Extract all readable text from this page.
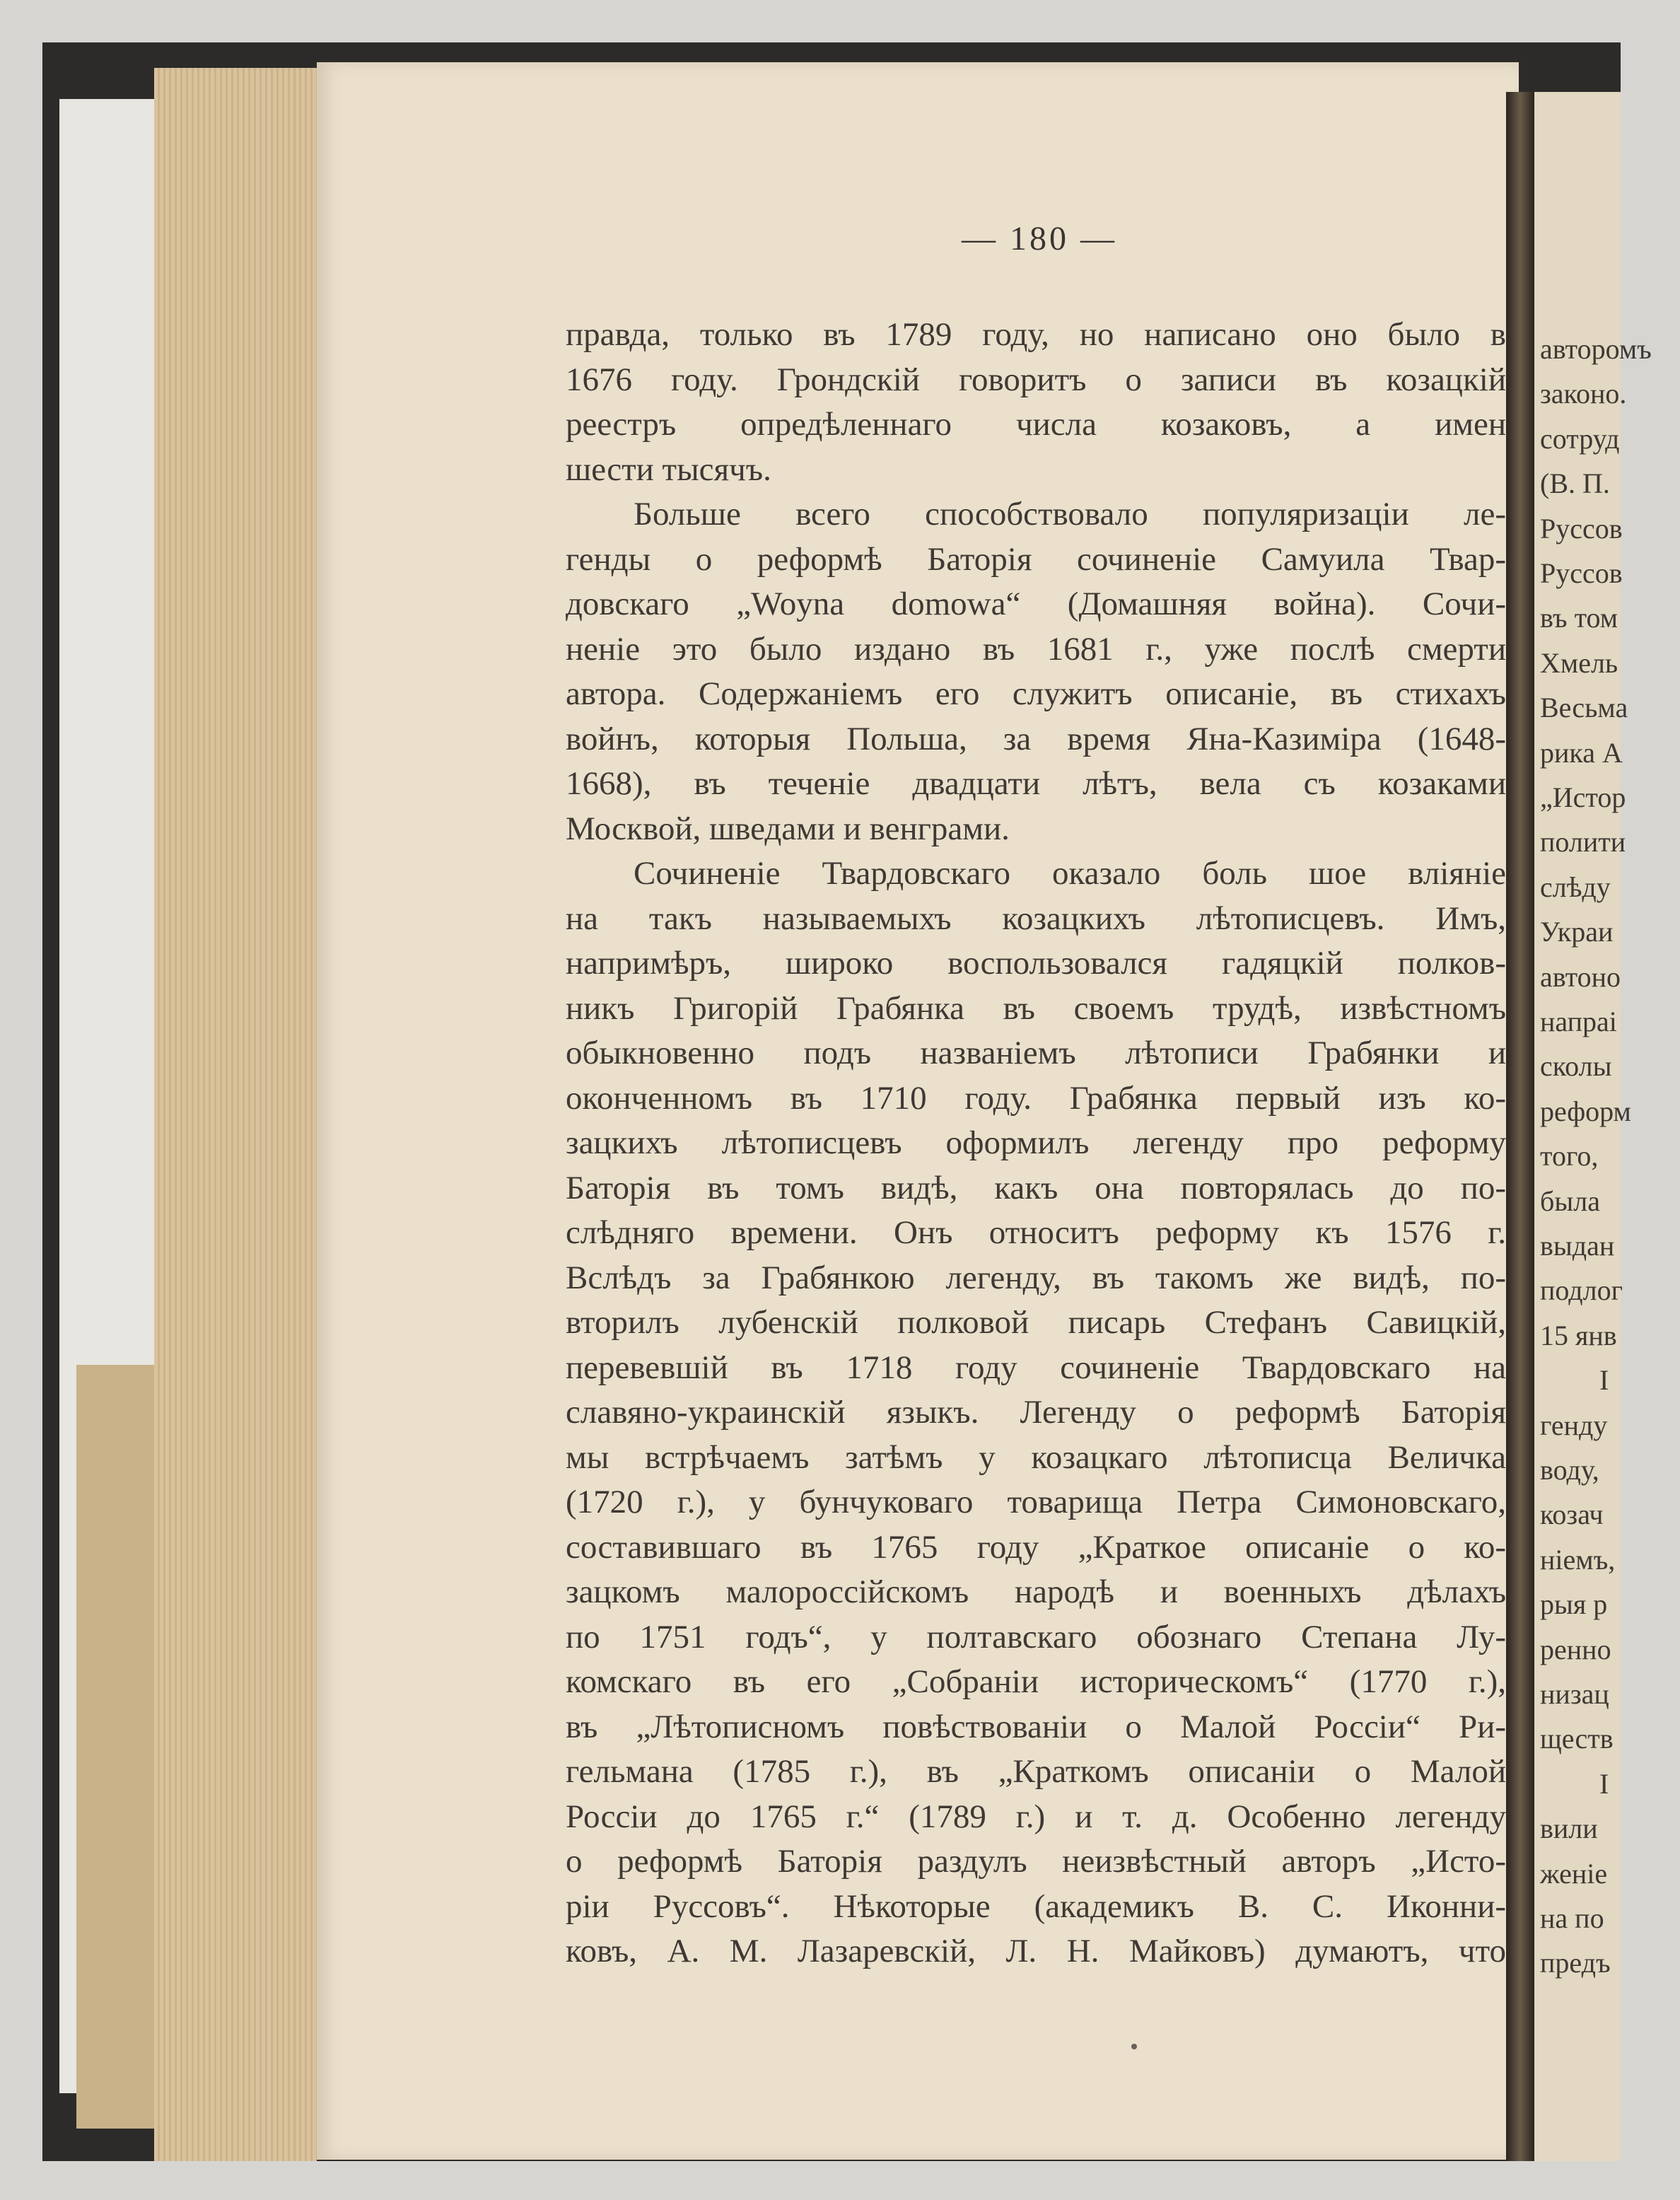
— 180 —
правда, только въ 1789 году, но написано оно было в
1676 году. Грондскій говоритъ о записи въ козацкій
реестръ опредѣленнаго числа козаковъ, а имен
шести тысячъ.
Больше всего способствовало популяризаціи ле-
генды о реформѣ Баторія сочиненіе Самуила Твар-
довскаго „Woyna domowa“ (Домашняя война). Сочи-
неніе это было издано въ 1681 г., уже послѣ смерти
автора. Содержаніемъ его служитъ описаніе, въ стихахъ
войнъ, которыя Польша, за время Яна-Казиміра (1648-
1668), въ теченіе двадцати лѣтъ, вела съ козаками
Москвой, шведами и венграми.
Сочиненіе Твардовскаго оказало боль шое вліяніе
на такъ называемыхъ козацкихъ лѣтописцевъ. Имъ,
напримѣръ, широко воспользовался гадяцкій полков-
никъ Григорій Грабянка въ своемъ трудѣ, извѣстномъ
обыкновенно подъ названіемъ лѣтописи Грабянки и
оконченномъ въ 1710 году. Грабянка первый изъ ко-
зацкихъ лѣтописцевъ оформилъ легенду про реформу
Баторія въ томъ видѣ, какъ она повторялась до по-
слѣдняго времени. Онъ относитъ реформу къ 1576 г.
Вслѣдъ за Грабянкою легенду, въ такомъ же видѣ, по-
вторилъ лубенскій полковой писарь Стефанъ Савицкій,
перевевшій въ 1718 году сочиненіе Твардовскаго на
славяно-украинскій языкъ. Легенду о реформѣ Баторія
мы встрѣчаемъ затѣмъ у козацкаго лѣтописца Величка
(1720 г.), у бунчуковаго товарища Петра Симоновскаго,
составившаго въ 1765 году „Краткое описаніе о ко-
зацкомъ малороссійскомъ народѣ и военныхъ дѣлахъ
по 1751 годъ“, у полтавскаго обознаго Степана Лу-
комскаго въ его „Собраніи историческомъ“ (1770 г.),
въ „Лѣтописномъ повѣствованіи о Малой Россіи“ Ри-
гельмана (1785 г.), въ „Краткомъ описаніи о Малой
Россіи до 1765 г.“ (1789 г.) и т. д. Особенно легенду
о реформѣ Баторія раздулъ неизвѣстный авторъ „Исто-
ріи Руссовъ“. Нѣкоторые (академикъ В. С. Иконни-
ковъ, А. М. Лазаревскій, Л. Н. Майковъ) думаютъ, что
авторомъ
законо.
сотруд
(В. П.
Руссов
Руссов
въ том
Хмель
Весьма
рика А
„Истор
полити
слѣду
Украи
автоно
напраі
сколы
реформ
того,
была
выдан
подлог
15 янв
генду
воду,
козач
ніемъ,
рыя р
ренно
низац
ществ
вили
женіе
на по
предъ
I
I
